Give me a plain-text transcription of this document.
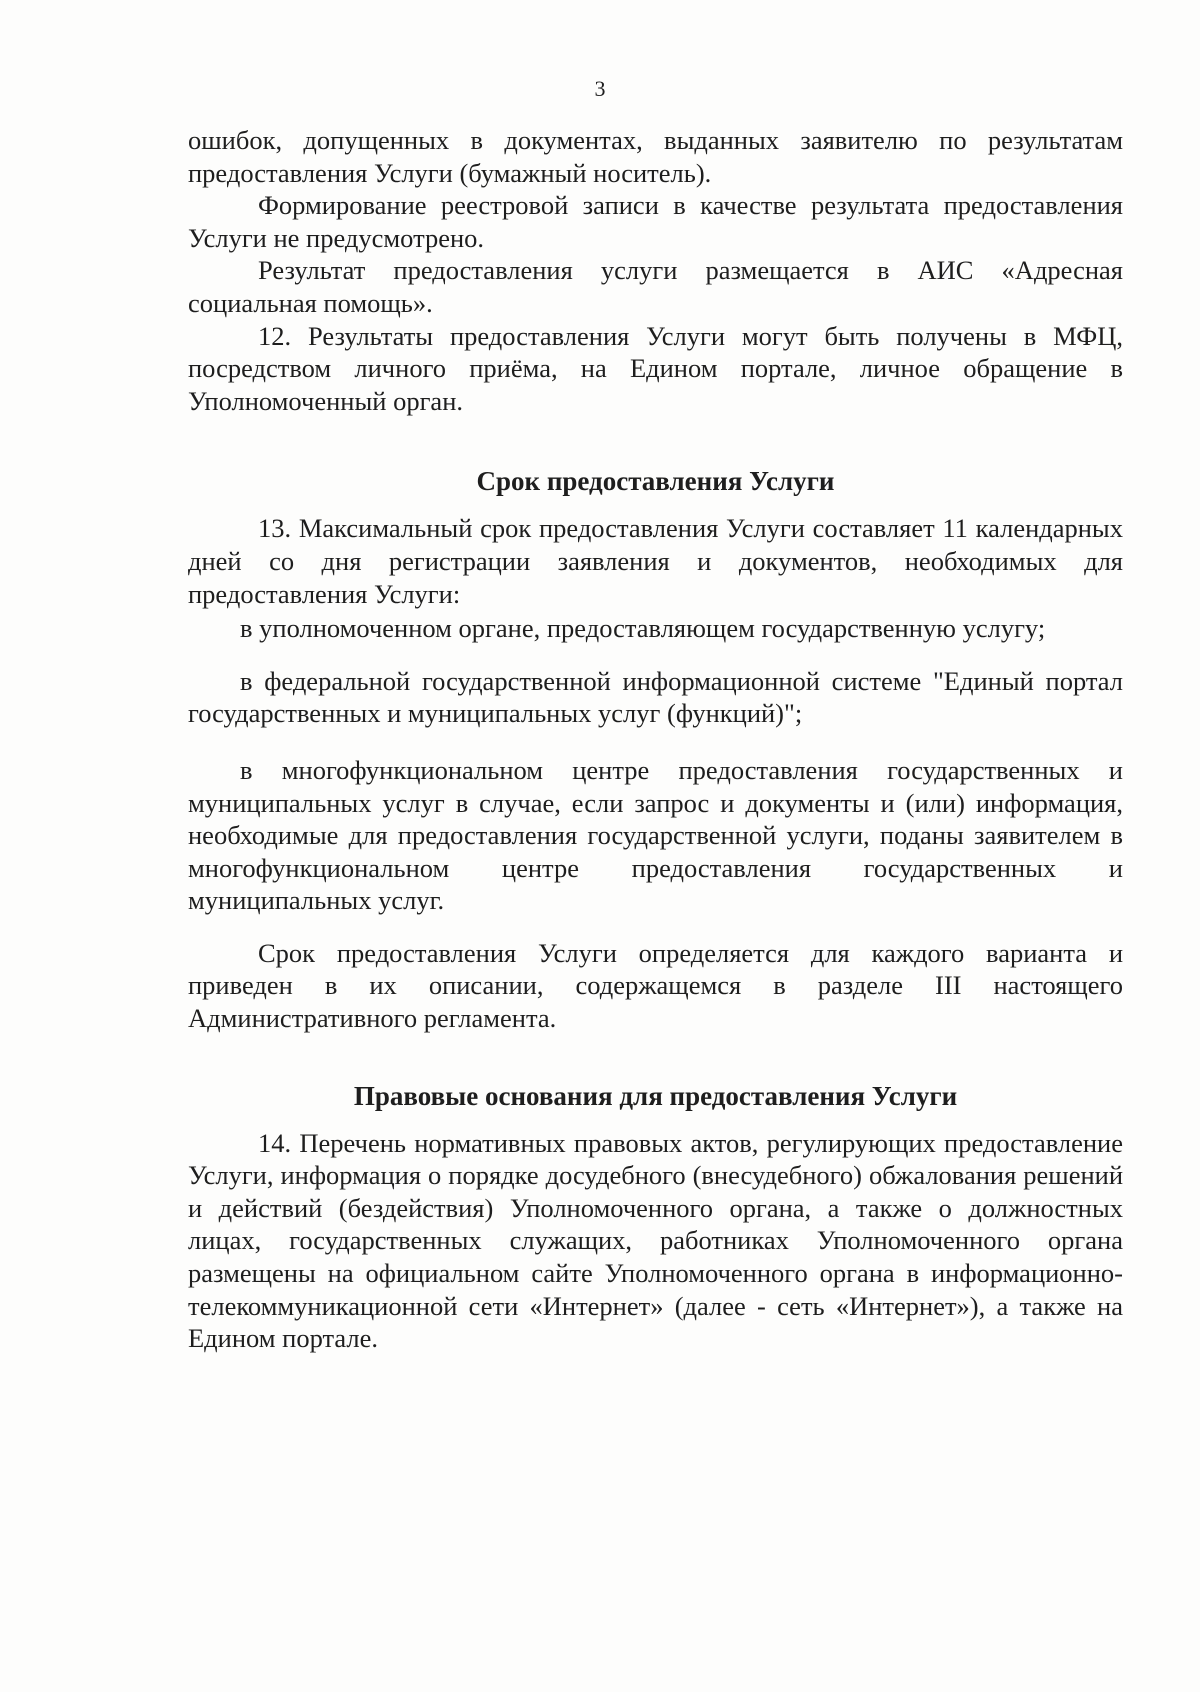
3

ошибок, допущенных в документах, выданных заявителю по результатам предоставления Услуги (бумажный носитель).

Формирование реестровой записи в качестве результата предоставления Услуги не предусмотрено.

Результат предоставления услуги размещается в АИС «Адресная социальная помощь».

12. Результаты предоставления Услуги могут быть получены в МФЦ, посредством личного приёма, на Едином портале, личное обращение в Уполномоченный орган.

Срок предоставления Услуги

13. Максимальный срок предоставления Услуги составляет 11 календарных дней со дня регистрации заявления и документов, необходимых для предоставления Услуги:

в уполномоченном органе, предоставляющем государственную услугу;

в федеральной государственной информационной системе "Единый портал государственных и муниципальных услуг (функций)";

в многофункциональном центре предоставления государственных и муниципальных услуг в случае, если запрос и документы и (или) информация, необходимые для предоставления государственной услуги, поданы заявителем в многофункциональном центре предоставления государственных и муниципальных услуг.

Срок предоставления Услуги определяется для каждого варианта и приведен в их описании, содержащемся в разделе III настоящего Административного регламента.

Правовые основания для предоставления Услуги

14. Перечень нормативных правовых актов, регулирующих предоставление Услуги, информация о порядке досудебного (внесудебного) обжалования решений и действий (бездействия) Уполномоченного органа, а также о должностных лицах, государственных служащих, работниках Уполномоченного органа размещены на официальном сайте Уполномоченного органа в информационно-телекоммуникационной сети «Интернет» (далее - сеть «Интернет»), а также на Едином портале.
